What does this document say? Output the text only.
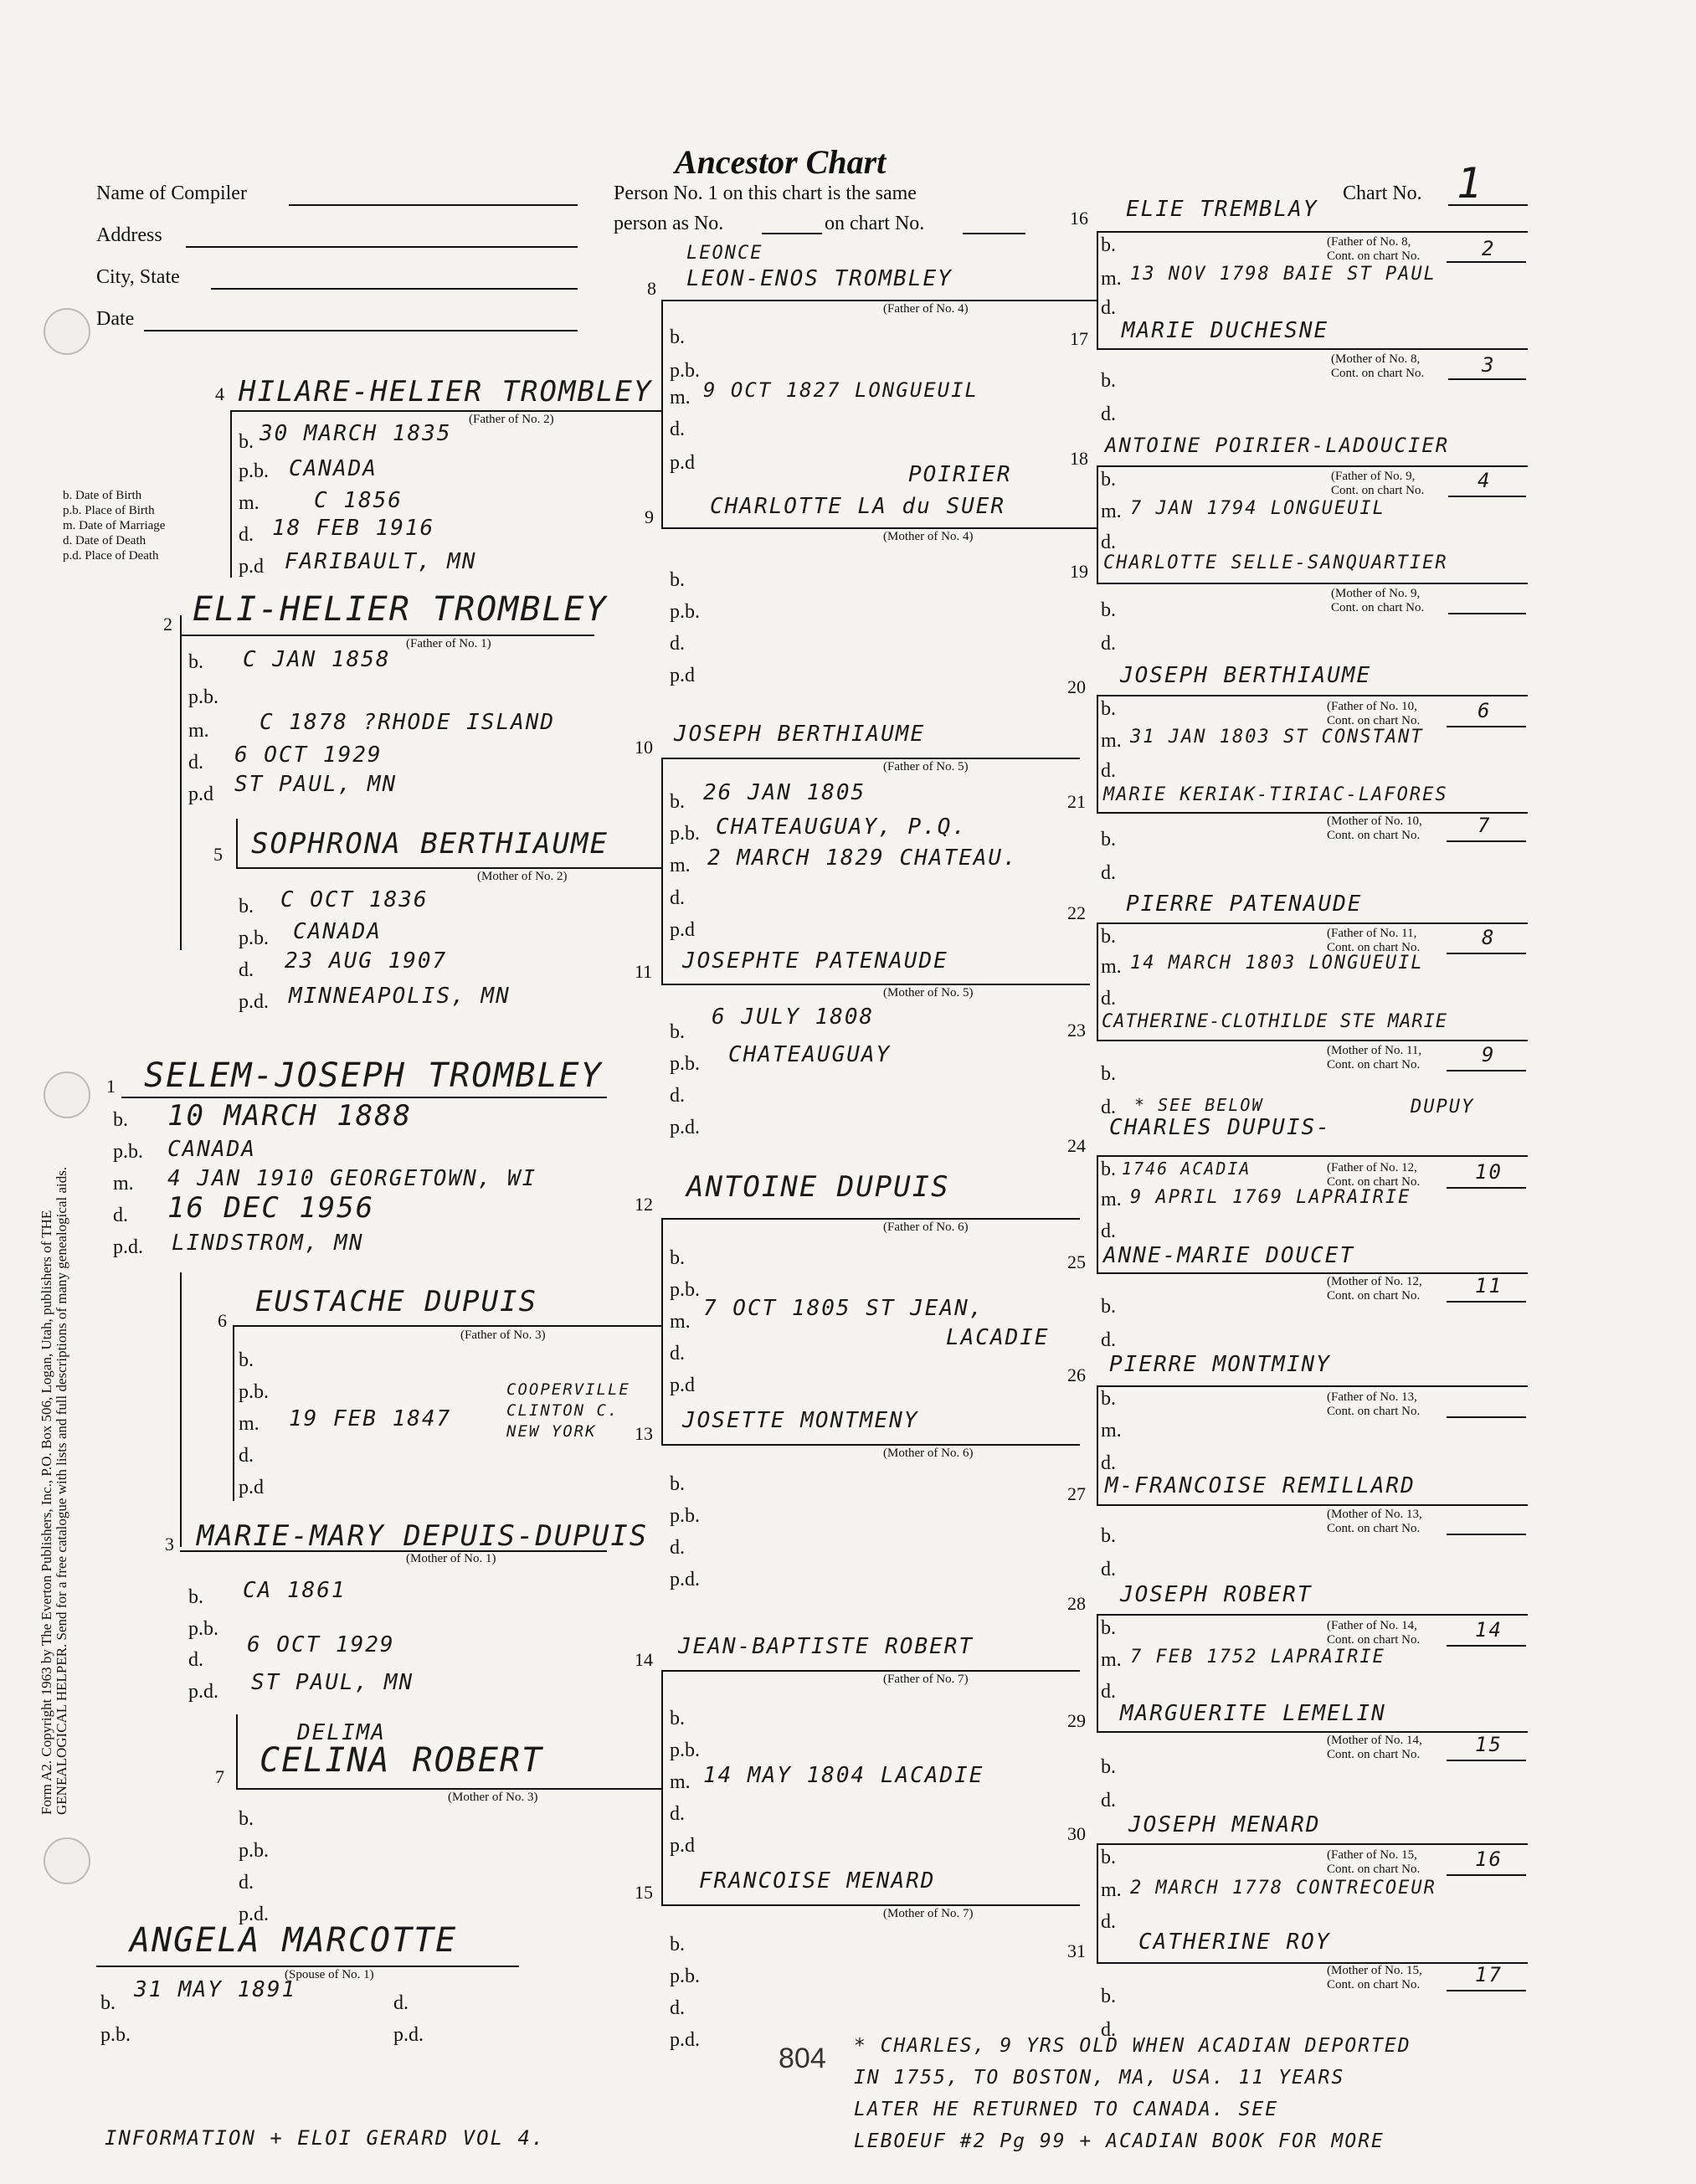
Ancestor Chart
Name of Compiler
Address
City, State
Date
Person No. 1 on this chart is the same
person as No.	on chart No.
Chart No. 1
b. Date of Birth
p.b. Place of Birth
m. Date of Marriage
d. Date of Death
p.d. Place of Death
Form A2. Copyright 1963 by The Everton Publishers, Inc., P.O. Box 506, Logan, Utah, publishers of THE GENEALOGICAL HELPER. Send for a free catalogue with lists and full descriptions of many genealogical aids.
1 SELEM-JOSEPH TROMBLEY
b. 10 MARCH 1888
p.b. CANADA
m. 4 JAN 1910 GEORGETOWN, WI
d. 16 DEC 1956
p.d. LINDSTROM, MN
2 ELI-HELIER TROMBLEY
(Father of No. 1)
b. C JAN 1858
p.b.
m. C 1878 ?RHODE ISLAND
d. 6 OCT 1929
p.d ST PAUL, MN
4 HILARE-HELIER TROMBLEY
(Father of No. 2)
b. 30 MARCH 1835
p.b. CANADA
m.	C 1856
d. 18 FEB 1916
p.d FARIBAULT, MN
5 SOPHRONA BERTHIAUME
(Mother of No. 2)
b. C OCT 1836
p.b. CANADA
d. 23 AUG 1907
p.d. MINNEAPOLIS, MN
3 MARIE-MARY DEPUIS-DUPUIS
(Mother of No. 1)
b. CA 1861
p.b.
d.
6 OCT 1929
p.d. ST PAUL, MN
6
EUSTACHE DUPUIS
(Father of No. 3)
b.
p.b.
m. 19 FEB 1847
COOPERVILLE CLINTON C. NEW YORK
d.
p.d
7
DELIMA
CELINA ROBERT
(Mother of No. 3)
b.
p.b.
d.
p.d.
ANGELA MARCOTTE
(Spouse of No. 1)
b.
31 MAY 1891
p.b.
d.
p.d.
LEONCE
8 LEON-ENOS TROMBLEY
(Father of No. 4)
b.
p.b.
m. 9 OCT 1827 LONGUEUIL
d.
p.d	POIRIER
9	CHARLOTTE LA du SUER
(Mother of No. 4)
b.
p.b.
d.
p.d
10
JOSEPH BERTHIAUME
(Father of No. 5)
b. 26 JAN 1805
p.b. CHATEAUGUAY, P.Q.
m. 2 MARCH 1829 CHATEAU.
d.
p.d
11 JOSEPHTE PATENAUDE
(Mother of No. 5)
b.
6 JULY 1808
p.b. CHATEAUGUAY
d.
p.d.
12
ANTOINE DUPUIS
(Father of No. 6)
b.
p.b.
m.
7 OCT 1805 ST JEAN,
LACADIE
d.
p.d
13
JOSETTE MONTMENY
(Mother of No. 6)
b.
p.b.
d.
p.d.
14
JEAN-BAPTISTE ROBERT
(Father of No. 7)
b.
p.b.
m. 14 MAY 1804 LACADIE
d.
p.d
15 FRANCOISE MENARD
(Mother of No. 7)
b.
p.b.
d.
p.d.
16 ELIE TREMBLAY
b.	(Father of No. 8,
Cont. on chart No.	2
m. 13 NOV 1798 BAIE ST PAUL
d.
17 MARIE DUCHESNE
(Mother of No. 8,
Cont. on chart No.	3
b.
d.
18
ANTOINE POIRIER-LADOUCIER
b.	(Father of No. 9,
Cont. on chart No.	4
m. 7 JAN 1794 LONGUEUIL
d.
19 CHARLOTTE SELLE-SANQUARTIER
(Mother of No. 9,
Cont. on chart No.
b.
d.
20 JOSEPH BERTHIAUME
b.	(Father of No. 10,
Cont. on chart No.	6
m. 31 JAN 1803 ST CONSTANT
d.
21 MARIE KERIAK-TIRIAC-LAFORES
(Mother of No. 10,
Cont. on chart No.	7
b.
d.
22 PIERRE PATENAUDE
b.	(Father of No. 11,
Cont. on chart No.	8
m. 14 MARCH 1803 LONGUEUIL
d.
23 CATHERINE-CLOTHILDE STE MARIE
(Mother of No. 11,
Cont. on chart No.	9
b.
d. * SEE BELOW	DUPUY
24
CHARLES DUPUIS-
b. 1746 ACADIA	(Father of No. 12,
Cont. on chart No.	10
m. 9 APRIL 1769 LAPRAIRIE
d.
25 ANNE-MARIE DOUCET
(Mother of No. 12,
Cont. on chart No.	11
b.
d.
26 PIERRE MONTMINY
b.	(Father of No. 13,
Cont. on chart No.
m.
d.
27 M-FRANCOISE REMILLARD
(Mother of No. 13,
Cont. on chart No.
b.
d.
28 JOSEPH ROBERT
b.	(Father of No. 14,
Cont. on chart No.	14
m. 7 FEB 1752 LAPRAIRIE
d.
29 MARGUERITE LEMELIN
(Mother of No. 14,
Cont. on chart No.	15
b.
d.
30 JOSEPH MENARD
b.	(Father of No. 15,
Cont. on chart No.	16
m. 2 MARCH 1778 CONTRECOEUR
d.
31 CATHERINE ROY
(Mother of No. 15,
Cont. on chart No.	17
b.
d.
* CHARLES, 9 YRS OLD WHEN ACADIAN DEPORTED
IN 1755, TO BOSTON, MA, USA. 11 YEARS
LATER HE RETURNED TO CANADA. SEE
LEBOEUF #2 Pg 99 + ACADIAN BOOK FOR MORE
804
INFORMATION + ELOI GERARD VOL 4.
